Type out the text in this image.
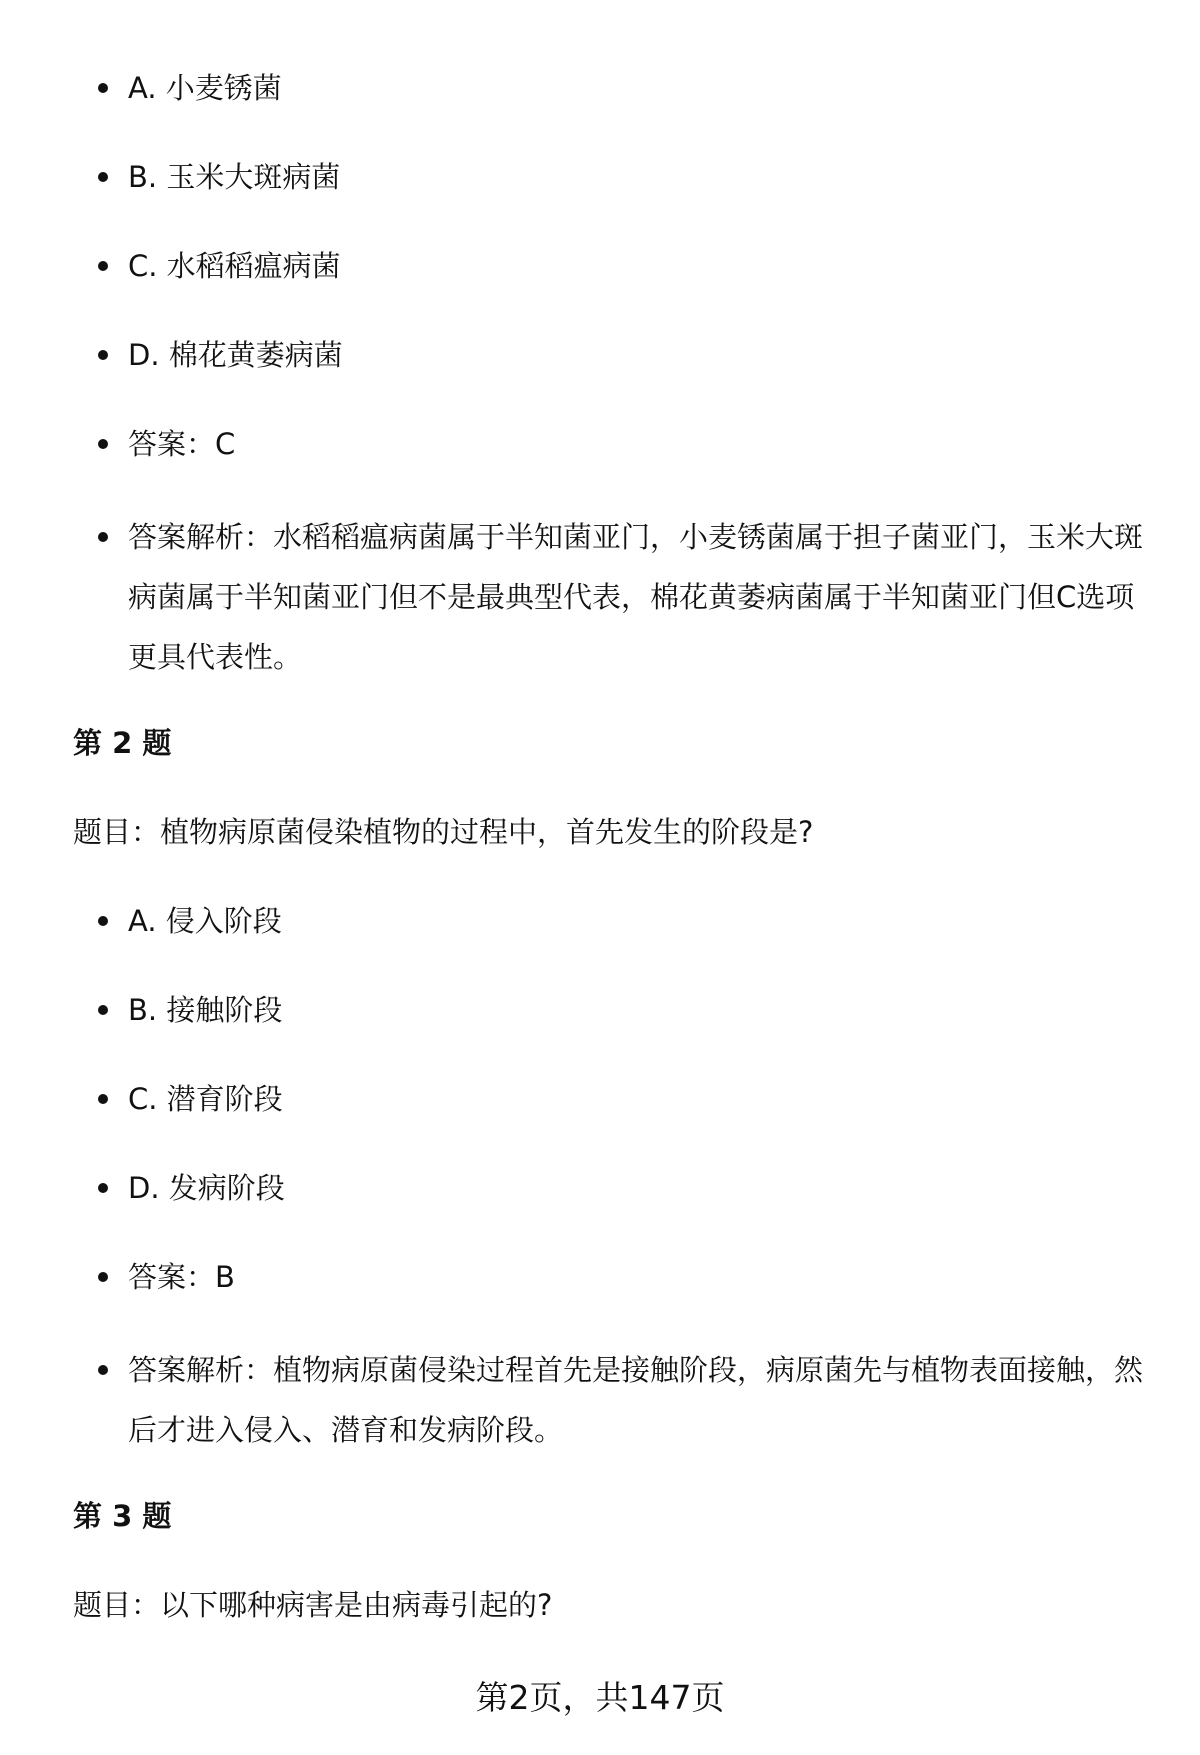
A. 小麦锈菌
B. 玉米大斑病菌
C. 水稻稻瘟病菌
D. 棉花黄萎病菌
答案：C
答案解析：水稻稻瘟病菌属于半知菌亚门，小麦锈菌属于担子菌亚门，玉米大斑病菌属于半知菌亚门但不是最典型代表，棉花黄萎病菌属于半知菌亚门但C选项更具代表性。
第 2 题
题目：植物病原菌侵染植物的过程中，首先发生的阶段是?
A. 侵入阶段
B. 接触阶段
C. 潜育阶段
D. 发病阶段
答案：B
答案解析：植物病原菌侵染过程首先是接触阶段，病原菌先与植物表面接触，然后才进入侵入、潜育和发病阶段。
第 3 题
题目：以下哪种病害是由病毒引起的?
第2页，共147页
